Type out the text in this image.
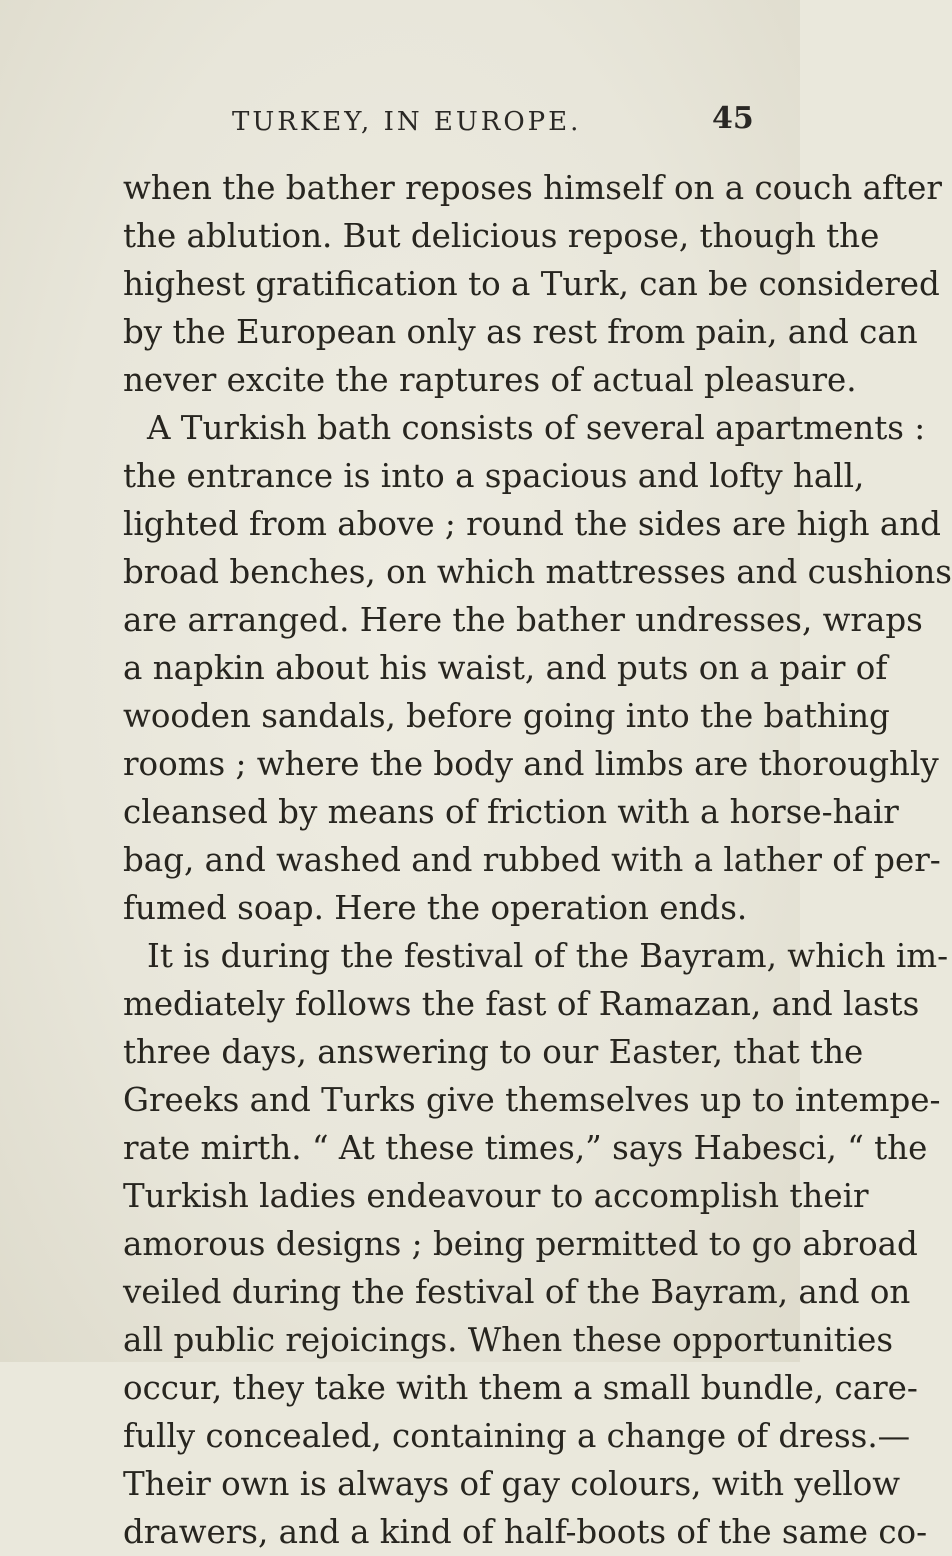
TURKEY, IN EUROPE.	45
when the bather reposes himself on a couch after
the ablution. But delicious repose, though the
highest gratification to a Turk, can be considered
by the European only as rest from pain, and can
never excite the raptures of actual pleasure.
A Turkish bath consists of several apartments :
the entrance is into a spacious and lofty hall,
lighted from above ; round the sides are high and
broad benches, on which mattresses and cushions
are arranged. Here the bather undresses, wraps
a napkin about his waist, and puts on a pair of
wooden sandals, before going into the bathing
rooms ; where the body and limbs are thoroughly
cleansed by means of friction with a horse-hair
bag, and washed and rubbed with a lather of per-
fumed soap. Here the operation ends.
It is during the festival of the Bayram, which im-
mediately follows the fast of Ramazan, and lasts
three days, answering to our Easter, that the
Greeks and Turks give themselves up to intempe-
rate mirth. “ At these times,” says Habesci, “ the
Turkish ladies endeavour to accomplish their
amorous designs ; being permitted to go abroad
veiled during the festival of the Bayram, and on
all public rejoicings. When these opportunities
occur, they take with them a small bundle, care-
fully concealed, containing a change of dress.—
Their own is always of gay colours, with yellow
drawers, and a kind of half-boots of the same co-
